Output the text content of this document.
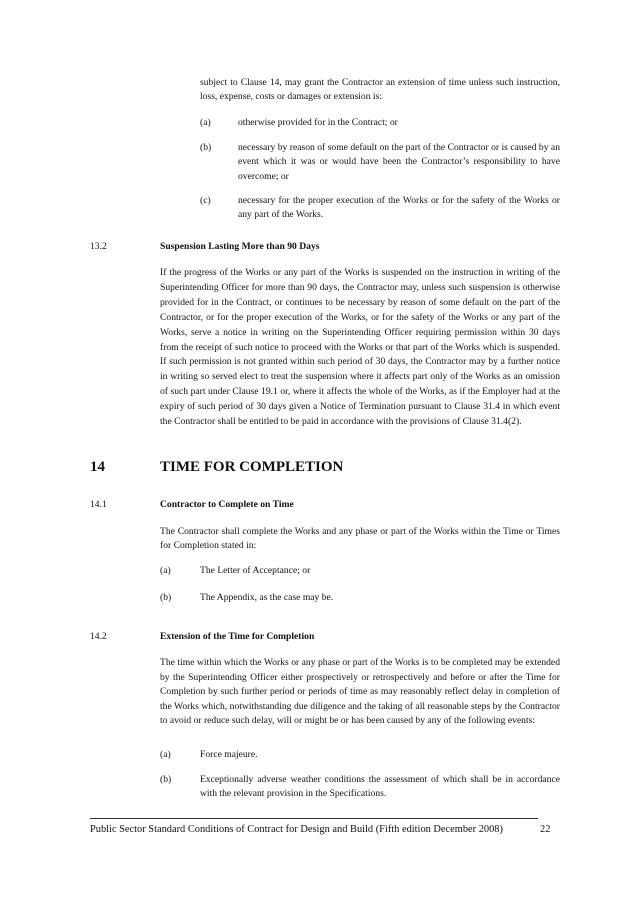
subject to Clause 14, may grant the Contractor an extension of time unless such instruction, loss, expense, costs or damages or extension is:
(a)	otherwise provided for in the Contract; or
(b)	necessary by reason of some default on the part of the Contractor or is caused by an event which it was or would have been the Contractor’s responsibility to have overcome; or
(c)	necessary for the proper execution of the Works or for the safety of the Works or any part of the Works.
13.2	Suspension Lasting More than 90 Days
If the progress of the Works or any part of the Works is suspended on the instruction in writing of the Superintending Officer for more than 90 days, the Contractor may, unless such suspension is otherwise provided for in the Contract, or continues to be necessary by reason of some default on the part of the Contractor, or for the proper execution of the Works, or for the safety of the Works or any part of the Works, serve a notice in writing on the Superintending Officer requiring permission within 30 days from the receipt of such notice to proceed with the Works or that part of the Works which is suspended. If such permission is not granted within such period of 30 days, the Contractor may by a further notice in writing so served elect to treat the suspension where it affects part only of the Works as an omission of such part under Clause 19.1 or, where it affects the whole of the Works, as if the Employer had at the expiry of such period of 30 days given a Notice of Termination pursuant to Clause 31.4 in which event the Contractor shall be entitled to be paid in accordance with the provisions of Clause 31.4(2).
14	TIME FOR COMPLETION
14.1	Contractor to Complete on Time
The Contractor shall complete the Works and any phase or part of the Works within the Time or Times for Completion stated in:
(a)	The Letter of Acceptance; or
(b)	The Appendix, as the case may be.
14.2	Extension of the Time for Completion
The time within which the Works or any phase or part of the Works is to be completed may be extended by the Superintending Officer either prospectively or retrospectively and before or after the Time for Completion by such further period or periods of time as may reasonably reflect delay in completion of the Works which, notwithstanding due diligence and the taking of all reasonable steps by the Contractor to avoid or reduce such delay, will or might be or has been caused by any of the following events:
(a)	Force majeure.
(b)	Exceptionally adverse weather conditions the assessment of which shall be in accordance with the relevant provision in the Specifications.
Public Sector Standard Conditions of Contract for Design and Build (Fifth edition December 2008)	22
